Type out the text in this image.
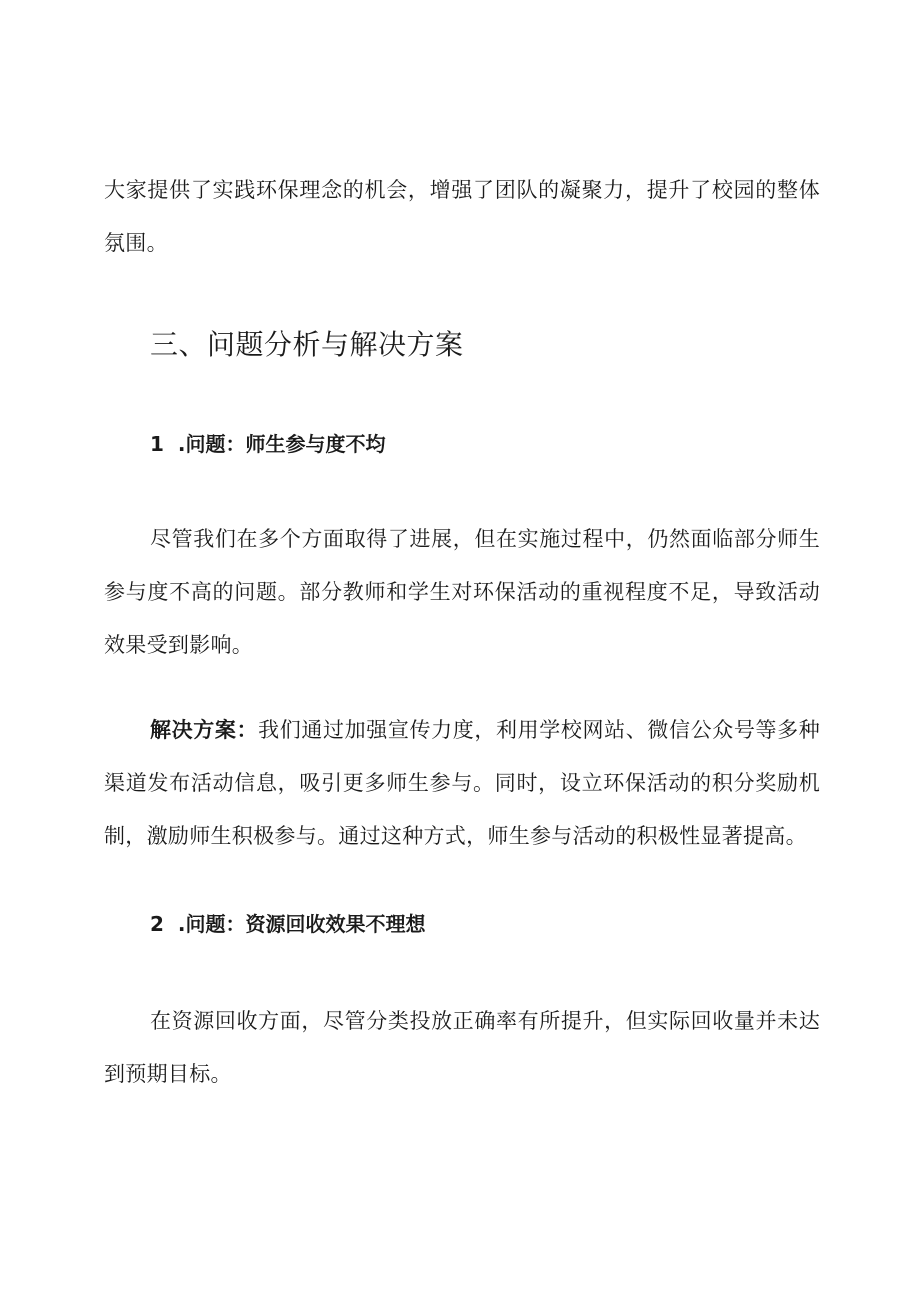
大家提供了实践环保理念的机会，增强了团队的凝聚力，提升了校园的整体氛围。

三、问题分析与解决方案
1 .问题：师生参与度不均

尽管我们在多个方面取得了进展，但在实施过程中，仍然面临部分师生参与度不高的问题。部分教师和学生对环保活动的重视程度不足，导致活动效果受到影响。

解决方案：我们通过加强宣传力度，利用学校网站、微信公众号等多种渠道发布活动信息，吸引更多师生参与。同时，设立环保活动的积分奖励机制，激励师生积极参与。通过这种方式，师生参与活动的积极性显著提高。

2 .问题：资源回收效果不理想

在资源回收方面，尽管分类投放正确率有所提升，但实际回收量并未达到预期目标。
